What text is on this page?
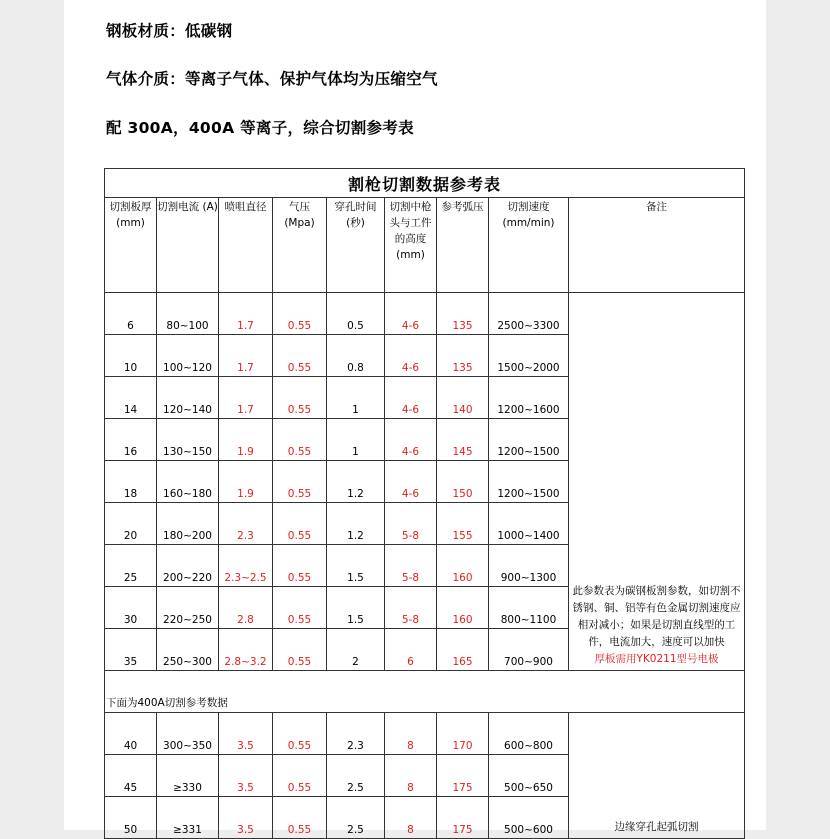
钢板材质：低碳钢
气体介质：等离子气体、保护气体均为压缩空气
配 300A，400A 等离子，综合切割参考表
割枪切割数据参考表								
切割板厚 (mm)	切割电流 (A)	喷咀直径	气压 (Mpa)	穿孔时间 (秒)	切割中枪头与工件的高度 (mm)	参考弧压	切割速度 (mm/min)	备注
6	80~100	1.7	0.55	0.5	4-6	135	2500~3300	此参数表为碳钢板割参数，如切割不锈钢、铜、铝等有色金属切割速度应相对减小；如果是切割直线型的工件，电流加大，速度可以加快
厚板需用YK0211型号电极

10	100~120	1.7	0.55	0.8	4-6	135	1500~2000	
14	120~140	1.7	0.55	1	4-6	140	1200~1600	
16	130~150	1.9	0.55	1	4-6	145	1200~1500	
18	160~180	1.9	0.55	1.2	4-6	150	1200~1500	
20	180~200	2.3	0.55	1.2	5-8	155	1000~1400	
25	200~220	2.3~2.5	0.55	1.5	5-8	160	900~1300	
30	220~250	2.8	0.55	1.5	5-8	160	800~1100	
35	250~300	2.8~3.2	0.55	2	6	165	700~900	
下面为400A切割参考数据								
40	300~350	3.5	0.55	2.3	8	170	600~800	边缘穿孔起弧切割
45	≥330	3.5	0.55	2.5	8	175	500~650	
50	≥331	3.5	0.55	2.5	8	175	500~600	
